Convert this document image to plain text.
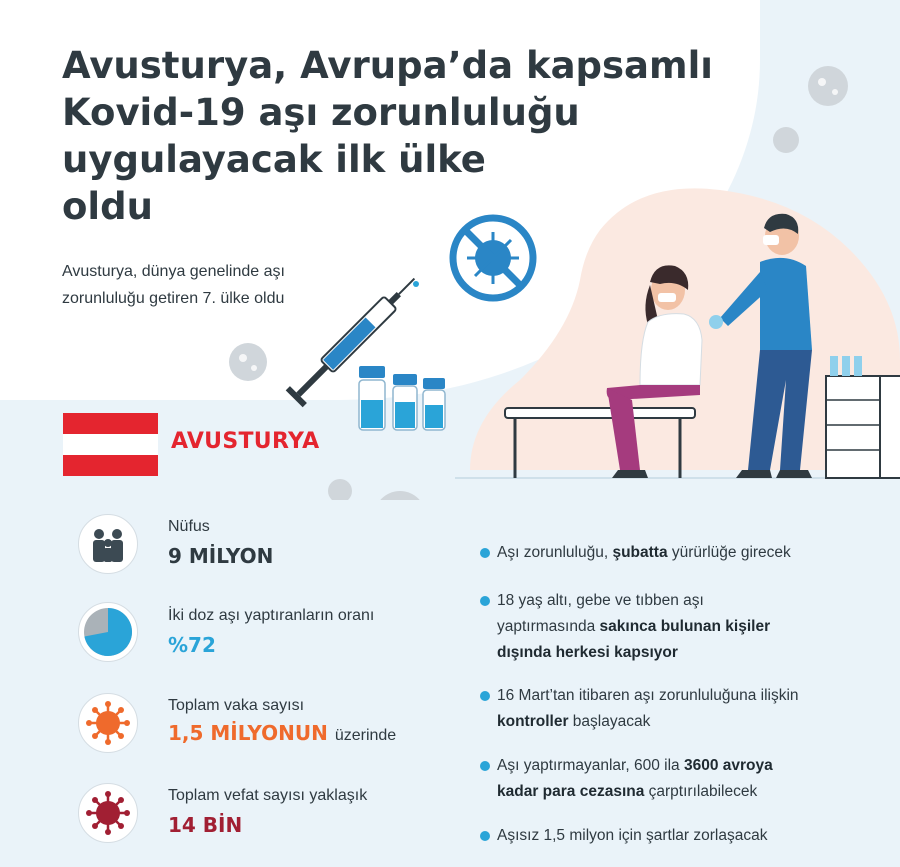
Avusturya, Avrupa’da kapsamlı
Kovid-19 aşı zorunluluğu
uygulayacak ilk ülke
oldu
Avusturya, dünya genelinde aşı
zorunluluğu getiren 7. ülke oldu
AVUSTURYA
Nüfus
9 MİLYON
İki doz aşı yaptıranların oranı
%72
Toplam vaka sayısı
1,5 MİLYONUN üzerinde
Toplam vefat sayısı yaklaşık
14 BİN
Aşı zorunluluğu, şubatta yürürlüğe girecek
18 yaş altı, gebe ve tıbben aşı
yaptırmasında sakınca bulunan kişiler
dışında herkesi kapsıyor
16 Mart’tan itibaren aşı zorunluluğuna ilişkin
kontroller başlayacak
Aşı yaptırmayanlar, 600 ila 3600 avroya
kadar para cezasına çarptırılabilecek
Aşısız 1,5 milyon için şartlar zorlaşacak
